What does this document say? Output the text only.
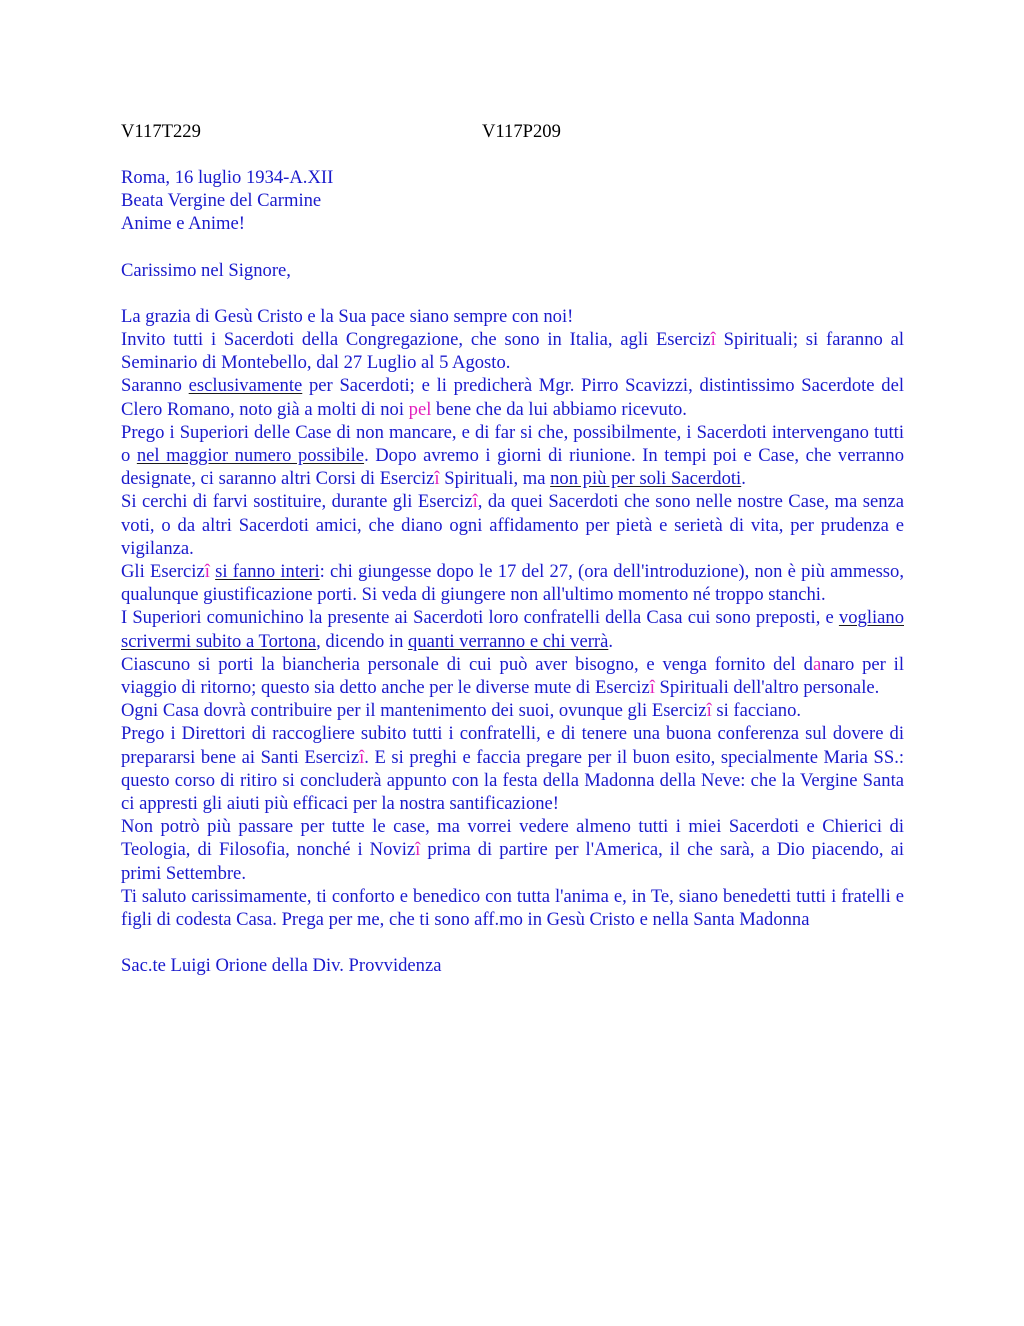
V117T229	V117P209
Roma, 16 luglio 1934-A.XII
Beata Vergine del Carmine
Anime e Anime!
Carissimo nel Signore,

La grazia di Gesù Cristo e la Sua pace siano sempre con noi!

Invito tutti i Sacerdoti della Congregazione, che sono in Italia, agli Esercizî Spirituali; si faranno al Seminario di Montebello, dal 27 Luglio al 5 Agosto.

Saranno esclusivamente per Sacerdoti; e li predicherà Mgr. Pirro Scavizzi, distintissimo Sacerdote del Clero Romano, noto già a molti di noi pel bene che da lui abbiamo ricevuto.

Prego i Superiori delle Case di non mancare, e di far si che, possibilmente, i Sacerdoti intervengano tutti o nel maggior numero possibile. Dopo avremo i giorni di riunione. In tempi poi e Case, che verranno designate, ci saranno altri Corsi di Esercizî Spirituali, ma non più per soli Sacerdoti.

Si cerchi di farvi sostituire, durante gli Esercizî, da quei Sacerdoti che sono nelle nostre Case, ma senza voti, o da altri Sacerdoti amici, che diano ogni affidamento per pietà e serietà di vita, per prudenza e vigilanza.

Gli Esercizî si fanno interi: chi giungesse dopo le 17 del 27, (ora dell'introduzione), non è più ammesso, qualunque giustificazione porti. Si veda di giungere non all'ultimo momento né troppo stanchi.

I Superiori comunichino la presente ai Sacerdoti loro confratelli della Casa cui sono preposti, e vogliano scrivermi subito a Tortona, dicendo in quanti verranno e chi verrà.

Ciascuno si porti la biancheria personale di cui può aver bisogno, e venga fornito del danaro per il viaggio di ritorno; questo sia detto anche per le diverse mute di Esercizî Spirituali dell'altro personale.

Ogni Casa dovrà contribuire per il mantenimento dei suoi, ovunque gli Esercizî si facciano.

Prego i Direttori di raccogliere subito tutti i confratelli, e di tenere una buona conferenza sul dovere di prepararsi bene ai Santi Esercizî. E si preghi e faccia pregare per il buon esito, specialmente Maria SS.: questo corso di ritiro si concluderà appunto con la festa della Madonna della Neve: che la Vergine Santa ci appresti gli aiuti più efficaci per la nostra santificazione!

Non potrò più passare per tutte le case, ma vorrei vedere almeno tutti i miei Sacerdoti e Chierici di Teologia, di Filosofia, nonché i Novizî prima di partire per l'America, il che sarà, a Dio piacendo, ai primi Settembre.

Ti saluto carissimamente, ti conforto e benedico con tutta l'anima e, in Te, siano benedetti tutti i fratelli e figli di codesta Casa. Prega per me, che ti sono aff.mo in Gesù Cristo e nella Santa Madonna

Sac.te Luigi Orione della Div. Provvidenza
